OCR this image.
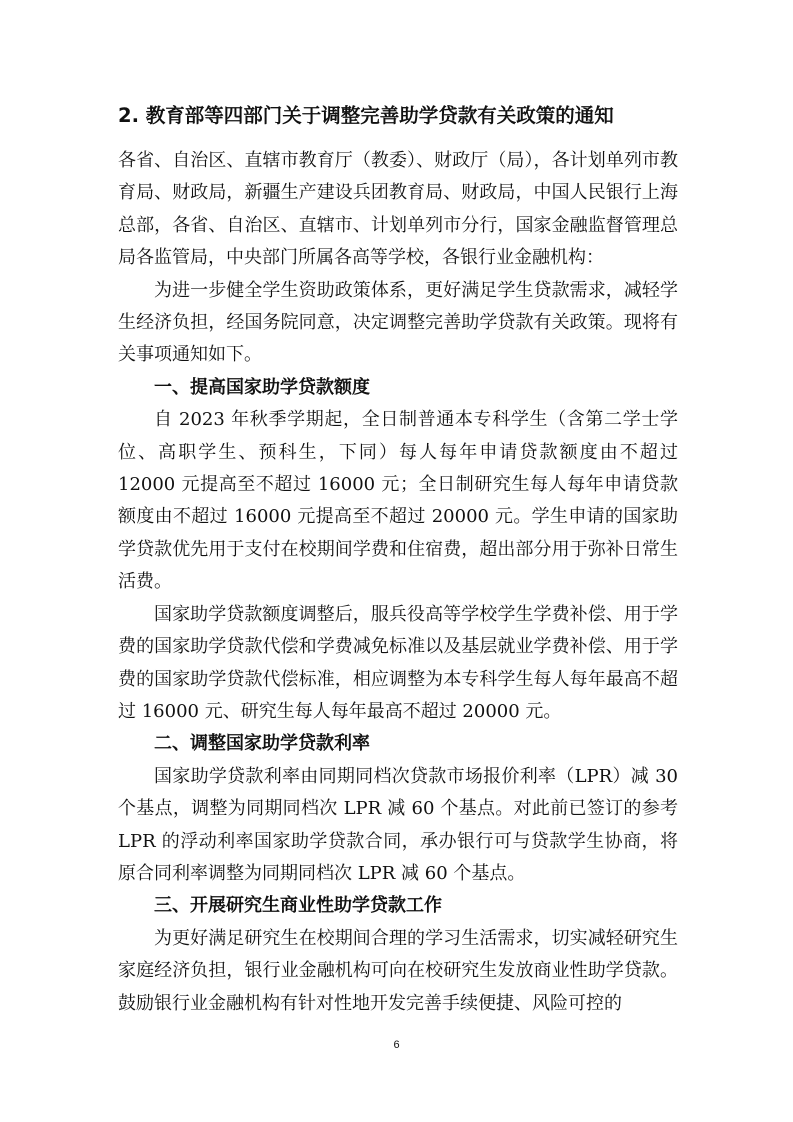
2. 教育部等四部门关于调整完善助学贷款有关政策的通知

各省、自治区、直辖市教育厅（教委）、财政厅（局），各计划单列市教育局、财政局，新疆生产建设兵团教育局、财政局，中国人民银行上海总部，各省、自治区、直辖市、计划单列市分行，国家金融监督管理总局各监管局，中央部门所属各高等学校，各银行业金融机构：

为进一步健全学生资助政策体系，更好满足学生贷款需求，减轻学生经济负担，经国务院同意，决定调整完善助学贷款有关政策。现将有关事项通知如下。

一、提高国家助学贷款额度

自 2023 年秋季学期起，全日制普通本专科学生（含第二学士学位、高职学生、预科生，下同）每人每年申请贷款额度由不超过 12000 元提高至不超过 16000 元；全日制研究生每人每年申请贷款额度由不超过 16000 元提高至不超过 20000 元。学生申请的国家助学贷款优先用于支付在校期间学费和住宿费，超出部分用于弥补日常生活费。

国家助学贷款额度调整后，服兵役高等学校学生学费补偿、用于学费的国家助学贷款代偿和学费减免标准以及基层就业学费补偿、用于学费的国家助学贷款代偿标准，相应调整为本专科学生每人每年最高不超过 16000 元、研究生每人每年最高不超过 20000 元。

二、调整国家助学贷款利率

国家助学贷款利率由同期同档次贷款市场报价利率（LPR）减 30 个基点，调整为同期同档次 LPR 减 60 个基点。对此前已签订的参考 LPR 的浮动利率国家助学贷款合同，承办银行可与贷款学生协商，将原合同利率调整为同期同档次 LPR 减 60 个基点。

三、开展研究生商业性助学贷款工作

为更好满足研究生在校期间合理的学习生活需求，切实减轻研究生家庭经济负担，银行业金融机构可向在校研究生发放商业性助学贷款。鼓励银行业金融机构有针对性地开发完善手续便捷、风险可控的

6
